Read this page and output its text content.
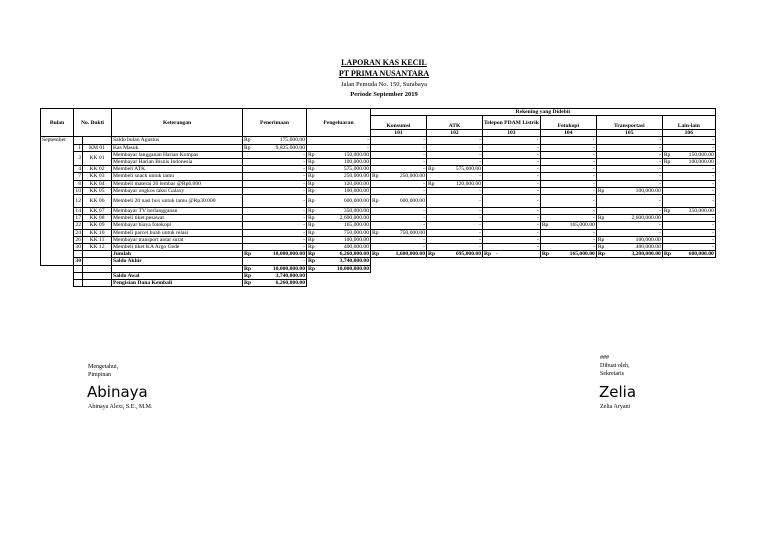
LAPORAN KAS KECIL
PT PRIMA NUSANTARA
Jalan Pemuda No. 150, Surabaya
Periode September 2019
Bulan	No. Bukti		Keterangan	Penerimaan		Pengeluaran		Rekening yang Didebit											
								Konsumsi		ATK		Telepon PDAM Listrik		Fotokopi		Transportasi		Lain-lain	
								101		102		103		104		105		106	
September			Saldo bulan Agustus	Rp	175,000.00		-		-		-		-		-		-		-
	1	KM 01	Kas Masuk	Rp	9,825,000.00		-		-		-		-		-		-		-
	3	KK 01	Membayar langganan Harian Kompas		-	Rp	150,000.00		-		-		-		-		-	Rp	150,000.00
			Membayar Harian Bisnis Indonesia		-	Rp	100,000.00		-		-		-		-		-	Rp	100,000.00
	4	KK 02	Membeli ATK		-	Rp	575,000.00		-	Rp	575,000.00		-		-		-		-
	7	KK 03	Membeli snack untuk tamu		-	Rp	250,000.00	Rp	250,000.00		-		-		-		-		-
	8	KK 04	Membeli materai 20 lembar @Rp6.000		-	Rp	120,000.00		-	Rp	120,000.00		-		-		-		-
	10	KK 05	Membayar ongkos taksi Galaxy		-	Rp	100,000.00		-		-		-		-	Rp	100,000.00		-
	12	KK 06	Membeli 20 nasi box untuk tamu @Rp30.000		-	Rp	600,000.00	Rp	600,000.00		-		-		-		-		-
	14	KK 07	Membayar TV berlangganan		-	Rp	350,000.00		-		-		-		-		-	Rp	350,000.00
	17	KK 08	Membeli tiket pesawat		-	Rp	2,600,000.00		-		-		-		-	Rp	2,600,000.00		-
	22	KK 09	Membayar biaya fotokopi		-	Rp	165,000.00		-		-		-	Rp	165,000.00		-		-
	24	KK 10	Membeli parcel buah untuk relasi		-	Rp	750,000.00	Rp	750,000.00		-		-		-		-		-
	26	KK 11	Membayar transport antar surat		-	Rp	100,000.00		-		-		-		-	Rp	100,000.00		-
	30	KK 12	Membeli tiket KA Argo Gede		-	Rp	400,000.00		-		-		-		-	Rp	400,000.00		-
			Jumlah	Rp	10,000,000.00	Rp	6,260,000.00	Rp	1,600,000.00	Rp	695,000.00	Rp	-	Rp	165,000.00	Rp	3,200,000.00	Rp	600,000.00
	30		Saldo Akhir		-	Rp	3,740,000.00												
				Rp	10,000,000.00	Rp	10,000,000.00												
			Saldo Awal	Rp	3,740,000.00														
			Pengisian Dana Kembali	Rp	6,260,000.00														
Mengetahui,
Pimpinan
Abinaya
Abinaya Alexi, S.E., M.M.
###
Dibuat oleh,
Sekretaris
Zelia
Zelia Aryani
